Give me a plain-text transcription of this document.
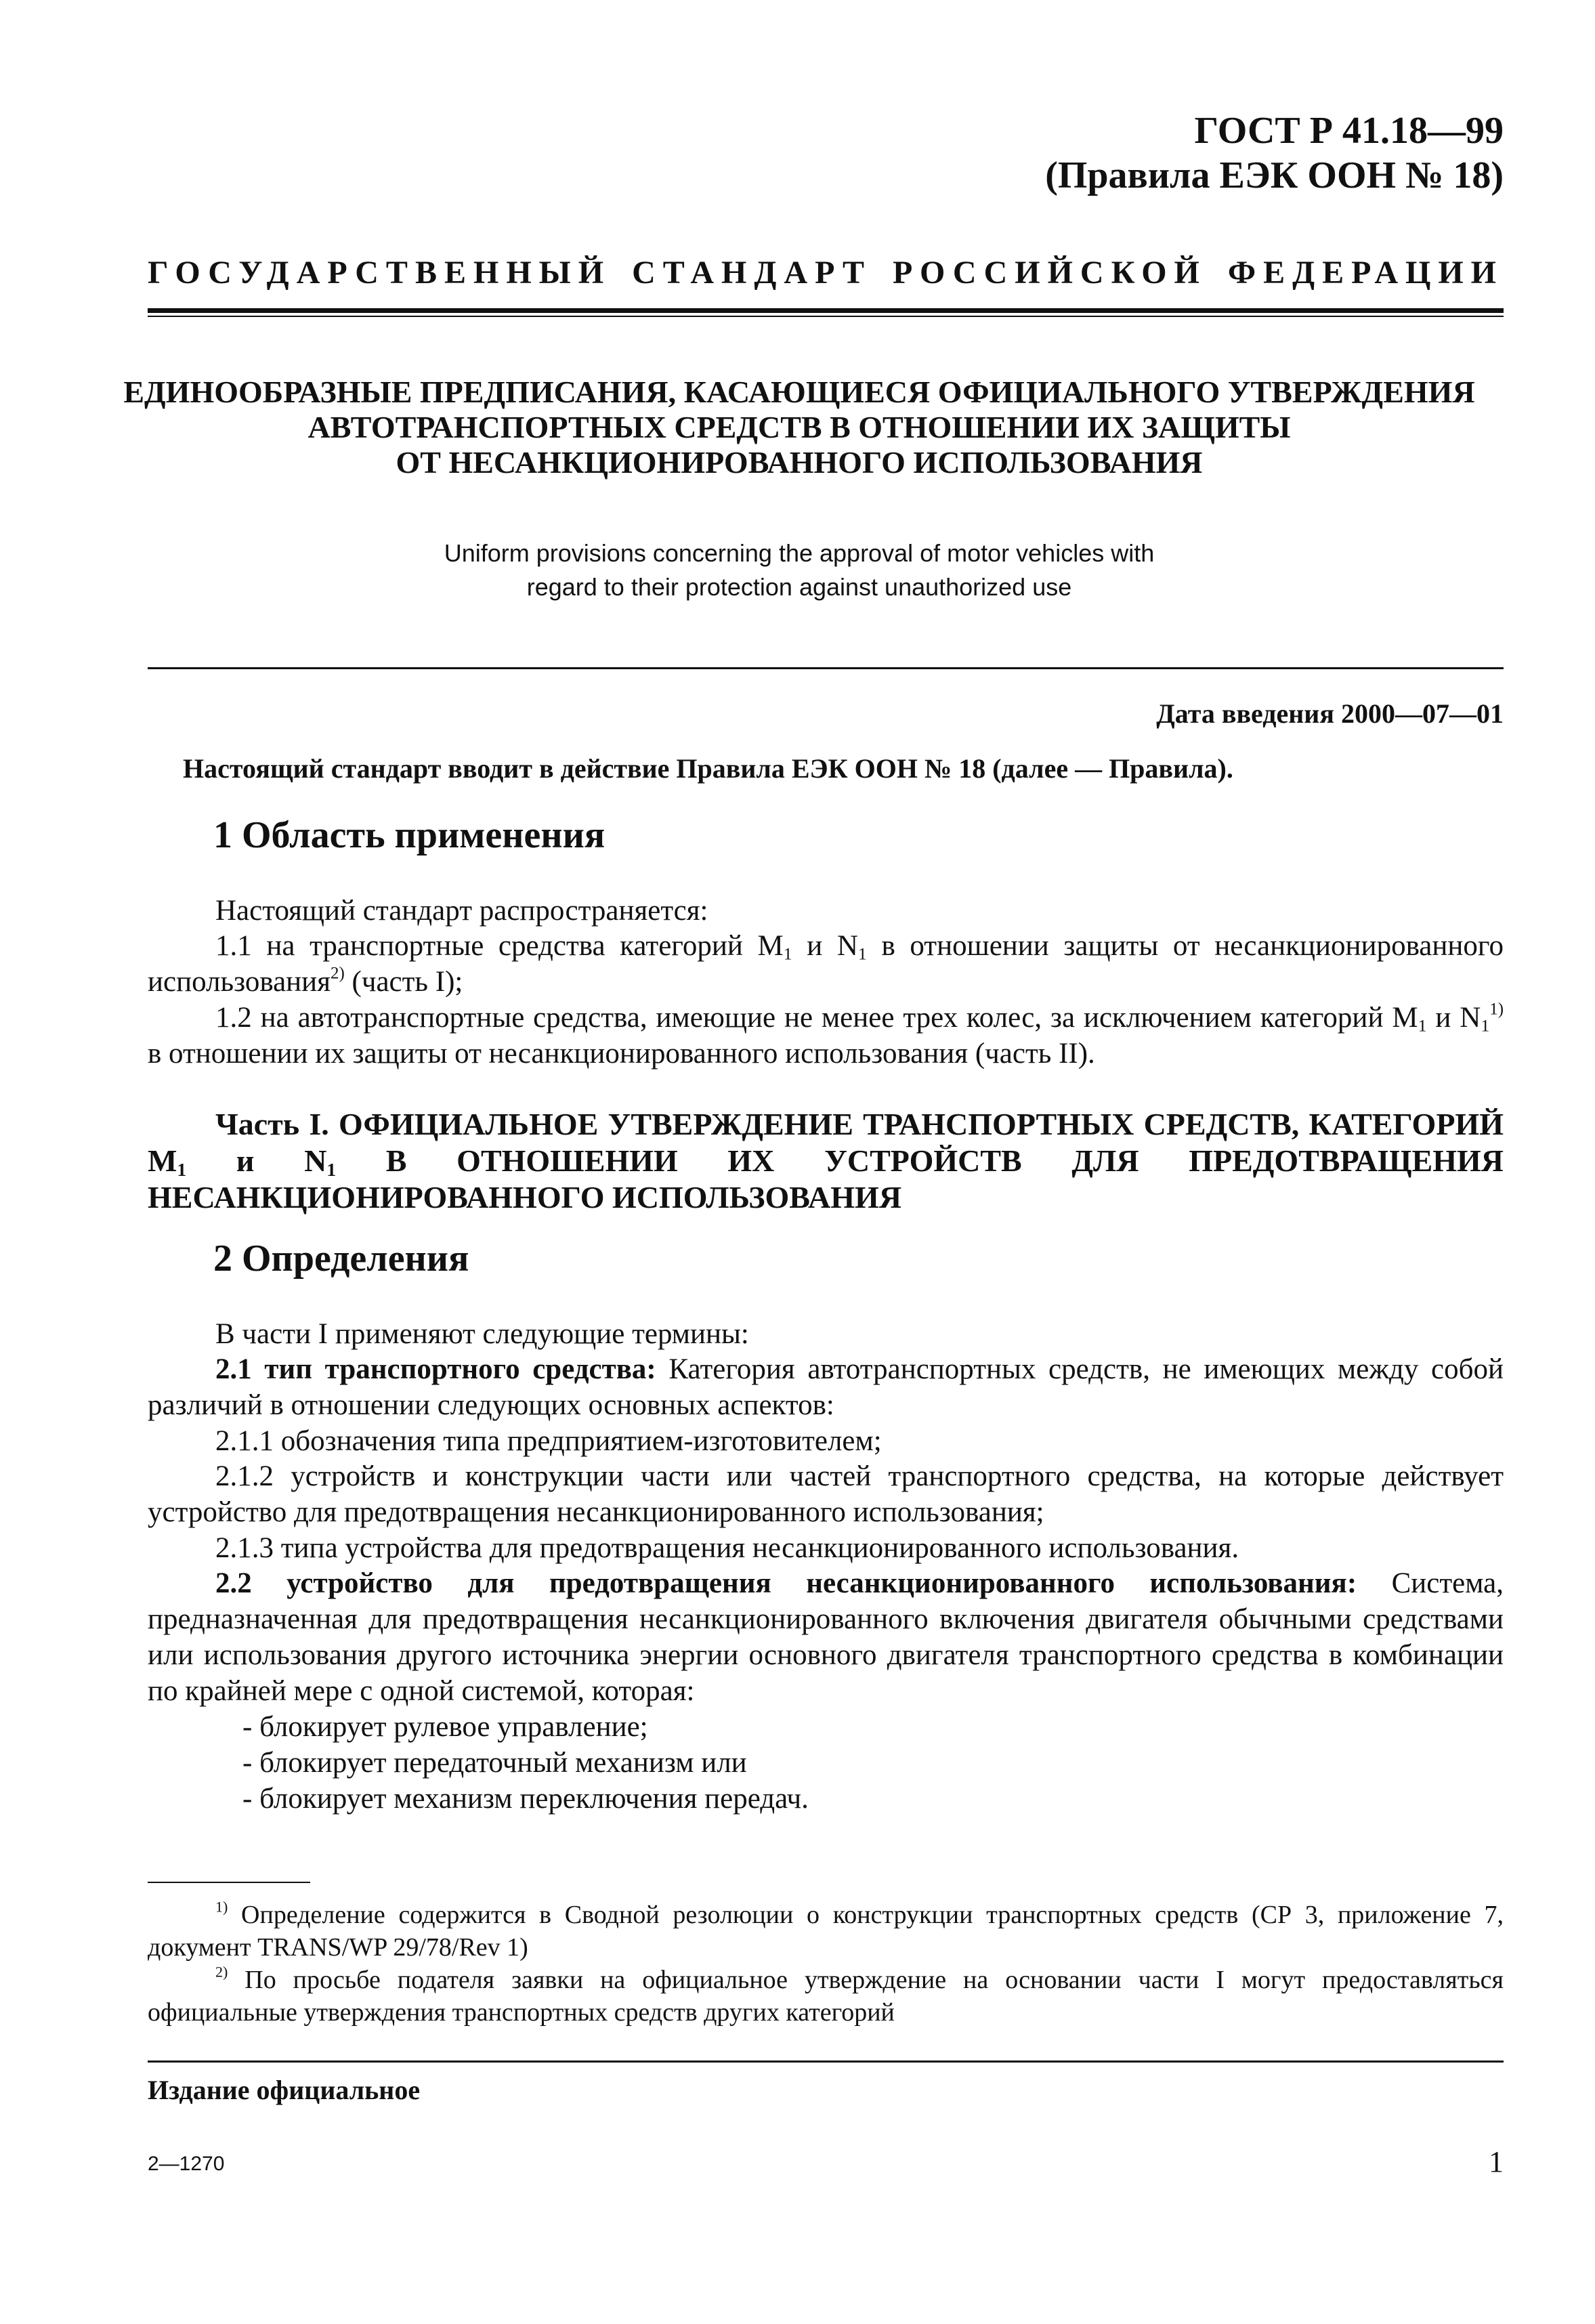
ГОСТ Р 41.18—99
(Правила ЕЭК ООН № 18)
ГОСУДАРСТВЕННЫЙ СТАНДАРТ РОССИЙСКОЙ ФЕДЕРАЦИИ
ЕДИНООБРАЗНЫЕ ПРЕДПИСАНИЯ, КАСАЮЩИЕСЯ ОФИЦИАЛЬНОГО УТВЕРЖДЕНИЯ
АВТОТРАНСПОРТНЫХ СРЕДСТВ В ОТНОШЕНИИ ИХ ЗАЩИТЫ
ОТ НЕСАНКЦИОНИРОВАННОГО ИСПОЛЬЗОВАНИЯ
Uniform provisions concerning the approval of motor vehicles with
regard to their protection against unauthorized use
Дата введения 2000—07—01
Настоящий стандарт вводит в действие Правила ЕЭК ООН № 18 (далее — Правила).
1 Область применения
Настоящий стандарт распространяется:
1.1 на транспортные средства категорий $M_1$ и $N_1$ в отношении защиты от несанкционированного использования$^{2)}$ (часть I);
1.2 на автотранспортные средства, имеющие не менее трех колес, за исключением категорий $M_1$ и $N_1^{1)}$ в отношении их защиты от несанкционированного использования (часть II).
Часть I. ОФИЦИАЛЬНОЕ УТВЕРЖДЕНИЕ ТРАНСПОРТНЫХ СРЕДСТВ, КАТЕГОРИЙ $M_1$ и $N_1$ В ОТНОШЕНИИ ИХ УСТРОЙСТВ ДЛЯ ПРЕДОТВРАЩЕНИЯ НЕСАНКЦИОНИРОВАННОГО ИСПОЛЬЗОВАНИЯ
2 Определения
В части I применяют следующие термины:
2.1 тип транспортного средства: Категория автотранспортных средств, не имеющих между собой различий в отношении следующих основных аспектов:
2.1.1 обозначения типа предприятием-изготовителем;
2.1.2 устройств и конструкции части или частей транспортного средства, на которые действует устройство для предотвращения несанкционированного использования;
2.1.3 типа устройства для предотвращения несанкционированного использования.
2.2 устройство для предотвращения несанкционированного использования: Система, предназначенная для предотвращения несанкционированного включения двигателя обычными средствами или использования другого источника энергии основного двигателя транспортного средства в комбинации по крайней мере с одной системой, которая:
- блокирует рулевое управление;
- блокирует передаточный механизм или
- блокирует механизм переключения передач.
$^{1)}$ Определение содержится в Сводной резолюции о конструкции транспортных средств (СР 3, приложение 7, документ TRANS/WP 29/78/Rev 1)
$^{2)}$ По просьбе подателя заявки на официальное утверждение на основании части I могут предоставляться официальные утверждения транспортных средств других категорий
Издание официальное
2—1270	1
